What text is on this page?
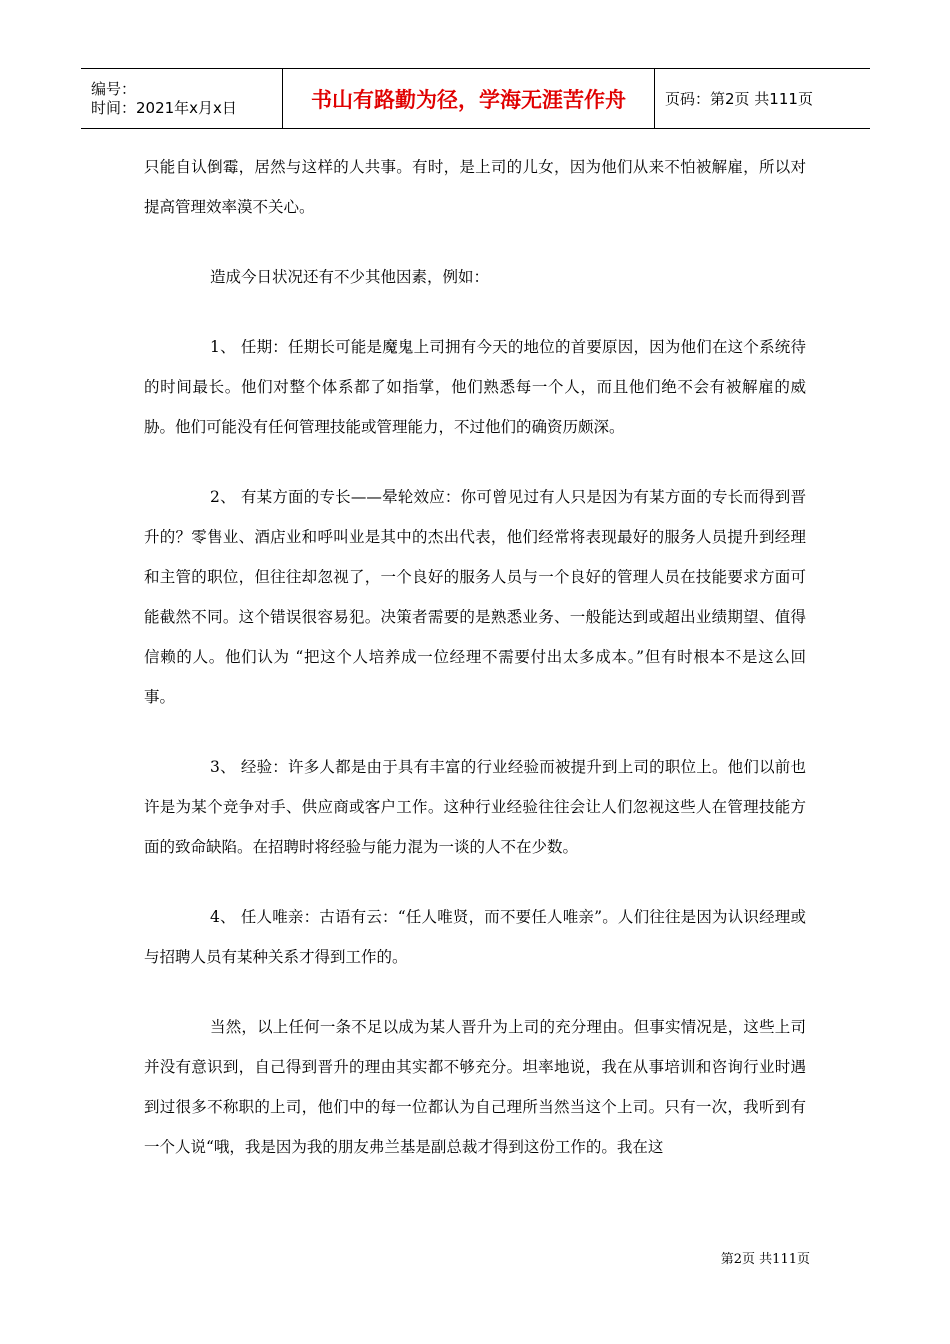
编号：
时间：2021年x月x日	书山有路勤为径，学海无涯苦作舟	页码：第2页 共111页

只能自认倒霉，居然与这样的人共事。有时，是上司的儿女，因为他们从来不怕被解雇，所以对提高管理效率漠不关心。

造成今日状况还有不少其他因素，例如：

1、 任期：任期长可能是魔鬼上司拥有今天的地位的首要原因，因为他们在这个系统待的时间最长。他们对整个体系都了如指掌，他们熟悉每一个人，而且他们绝不会有被解雇的威胁。他们可能没有任何管理技能或管理能力，不过他们的确资历颇深。

2、 有某方面的专长——晕轮效应：你可曾见过有人只是因为有某方面的专长而得到晋升的？零售业、酒店业和呼叫业是其中的杰出代表，他们经常将表现最好的服务人员提升到经理和主管的职位，但往往却忽视了，一个良好的服务人员与一个良好的管理人员在技能要求方面可能截然不同。这个错误很容易犯。决策者需要的是熟悉业务、一般能达到或超出业绩期望、值得信赖的人。他们认为 “把这个人培养成一位经理不需要付出太多成本。”但有时根本不是这么回事。

3、 经验：许多人都是由于具有丰富的行业经验而被提升到上司的职位上。他们以前也许是为某个竞争对手、供应商或客户工作。这种行业经验往往会让人们忽视这些人在管理技能方面的致命缺陷。在招聘时将经验与能力混为一谈的人不在少数。

4、 任人唯亲：古语有云：“任人唯贤，而不要任人唯亲”。人们往往是因为认识经理或与招聘人员有某种关系才得到工作的。

当然，以上任何一条不足以成为某人晋升为上司的充分理由。但事实情况是，这些上司并没有意识到，自己得到晋升的理由其实都不够充分。坦率地说，我在从事培训和咨询行业时遇到过很多不称职的上司，他们中的每一位都认为自己理所当然当这个上司。只有一次，我听到有一个人说“哦，我是因为我的朋友弗兰基是副总裁才得到这份工作的。我在这

第2页 共111页
